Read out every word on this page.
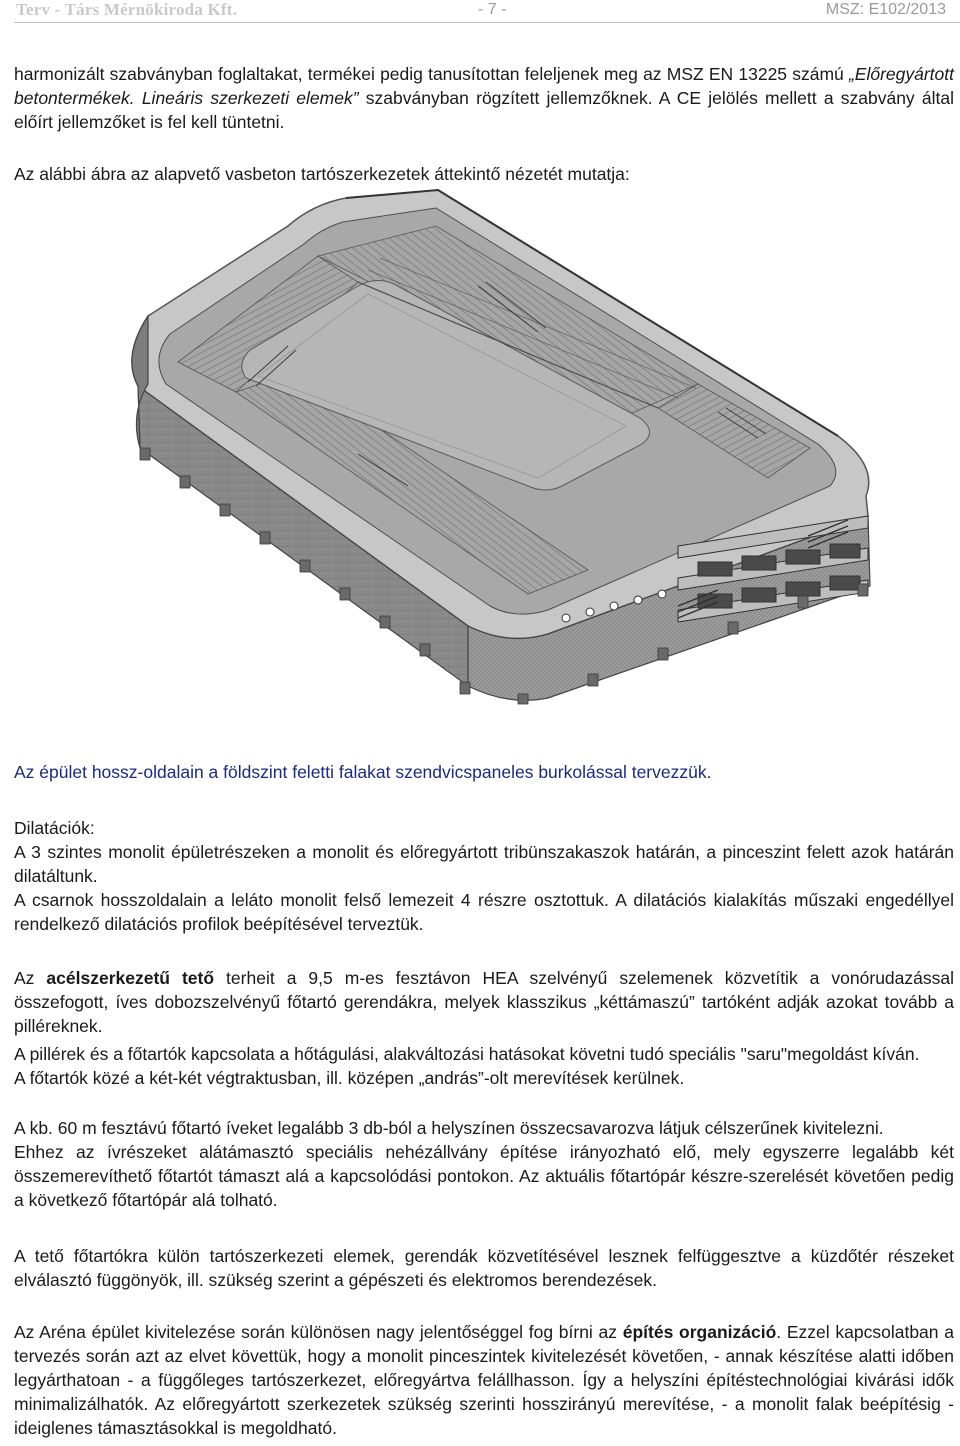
Terv - Társ Mérnökiroda Kft.	- 7 -	MSZ: E102/2013

harmonizált szabványban foglaltakat, termékei pedig tanusítottan feleljenek meg az MSZ EN 13225 számú „Előregyártott betontermékek. Lineáris szerkezeti elemek” szabványban rögzített jellemzőknek. A CE jelölés mellett a szabvány által előírt jellemzőket is fel kell tüntetni.

Az alábbi ábra az alapvető vasbeton tartószerkezetek áttekintő nézetét mutatja:

Az épület hossz-oldalain a földszint feletti falakat szendvicspaneles burkolással tervezzük.

Dilatációk:

A 3 szintes monolit épületrészeken a monolit és előregyártott tribünszakaszok határán, a pinceszint felett azok határán dilatáltunk.

A csarnok hosszoldalain a leláto monolit felső lemezeit 4 részre osztottuk. A dilatációs kialakítás műszaki engedéllyel rendelkező dilatációs profilok beépítésével terveztük.

Az acélszerkezetű tető terheit a 9,5 m-es fesztávon HEA szelvényű szelemenek közvetítik a vonórudazással összefogott, íves dobozszelvényű főtartó gerendákra, melyek klasszikus „kéttámaszú” tartóként adják azokat tovább a pilléreknek.

A pillérek és a főtartók kapcsolata a hőtágulási, alakváltozási hatásokat követni tudó speciális "saru"megoldást kíván.

A főtartók közé a két-két végtraktusban, ill. középen „andrás”-olt merevítések kerülnek.

A kb. 60 m fesztávú főtartó íveket legalább 3 db-ból a helyszínen összecsavarozva látjuk célszerűnek kivitelezni.

Ehhez az ívrészeket alátámasztó speciális nehézállvány építése irányozható elő, mely egyszerre legalább két összemerevíthető főtartót támaszt alá a kapcsolódási pontokon. Az aktuális főtartópár készre-szerelését követően pedig a következő főtartópár alá tolható.

A tető főtartókra külön tartószerkezeti elemek, gerendák közvetítésével lesznek felfüggesztve a küzdőtér részeket elválasztó függönyök, ill. szükség szerint a gépészeti és elektromos berendezések.

Az Aréna épület kivitelezése során különösen nagy jelentőséggel fog bírni az építés organizáció. Ezzel kapcsolatban a tervezés során azt az elvet követtük, hogy a monolit pinceszintek kivitelezését követően, - annak készítése alatti időben legyárthatoan - a függőleges tartószerkezet, előregyártva felállhasson. Így a helyszíni építéstechnológiai kivárási idők minimalizálhatók. Az előregyártott szerkezetek szükség szerinti hosszirányú merevítése, - a monolit falak beépítésig - ideiglenes támasztásokkal is megoldható.
